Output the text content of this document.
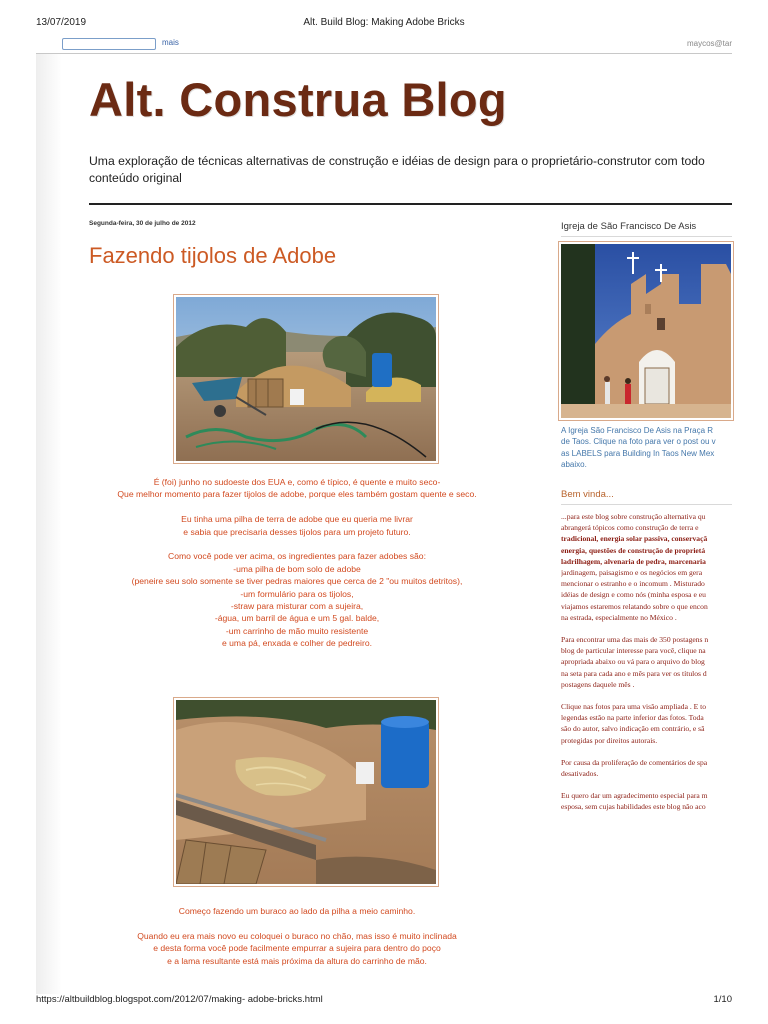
13/07/2019	Alt. Build Blog: Making Adobe Bricks
https://altbuildblog.blogspot.com/2012/07/making- adobe-bricks.html	1/10
mais	maycos@tar
Alt. Construa Blog
Uma exploração de técnicas alternativas de construção e idéias de design para o proprietário-construtor com todo
conteúdo original
Segunda-feira, 30 de julho de 2012
Fazendo tijolos de Adobe
É (foi) junho no sudoeste dos EUA e, como é típico, é quente e muito seco-
Que melhor momento para fazer tijolos de adobe, porque eles também gostam quente e seco.
Eu tinha uma pilha de terra de adobe que eu queria me livrar
e sabia que precisaria desses tijolos para um projeto futuro.
Como você pode ver acima, os ingredientes para fazer adobes são:
-uma pilha de bom solo de adobe
(peneire seu solo somente se tiver pedras maiores que cerca de 2 "ou muitos detritos),
-um formulário para os tijolos,
-straw para misturar com a sujeira,
-água, um barril de água e um 5 gal. balde,
-um carrinho de mão muito resistente
e uma pá, enxada e colher de pedreiro.
Começo fazendo um buraco ao lado da pilha a meio caminho.
Quando eu era mais novo eu coloquei o buraco no chão, mas isso é muito inclinada
e desta forma você pode facilmente empurrar a sujeira para dentro do poço
e a lama resultante está mais próxima da altura do carrinho de mão.
Igreja de São Francisco De Asis
A Igreja São Francisco De Asis na Praça R
de Taos. Clique na foto para ver o post ou v
as LABELS para Building In Taos New Mex
abaixo.
Bem vinda...
...para este blog sobre construção alternativa qu
abrangerá tópicos como construção de terra e
tradicional, energia solar passiva, conservaçã
energia, questões de construção de proprietá
ladrilhagem, alvenaria de pedra, marcenaria
jardinagem, paisagismo e os negócios em gera
mencionar o estranho e o incomum . Misturado
idéias de design e como nós (minha esposa e eu
viajamos estaremos relatando sobre o que encon
na estrada, especialmente no México .
Para encontrar uma das mais de 350 postagens n
blog de particular interesse para você, clique na
apropriada abaixo ou vá para o arquivo do blog
na seta para cada ano e mês para ver os títulos d
postagens daquele mês .
Clique nas fotos para uma visão ampliada . E to
legendas estão na parte inferior das fotos. Toda
são do autor, salvo indicação em contrário, e sã
protegidas por direitos autorais.
Por causa da proliferação de comentários de spa
desativados.
Eu quero dar um agradecimento especial para m
esposa, sem cujas habilidades este blog não aco
